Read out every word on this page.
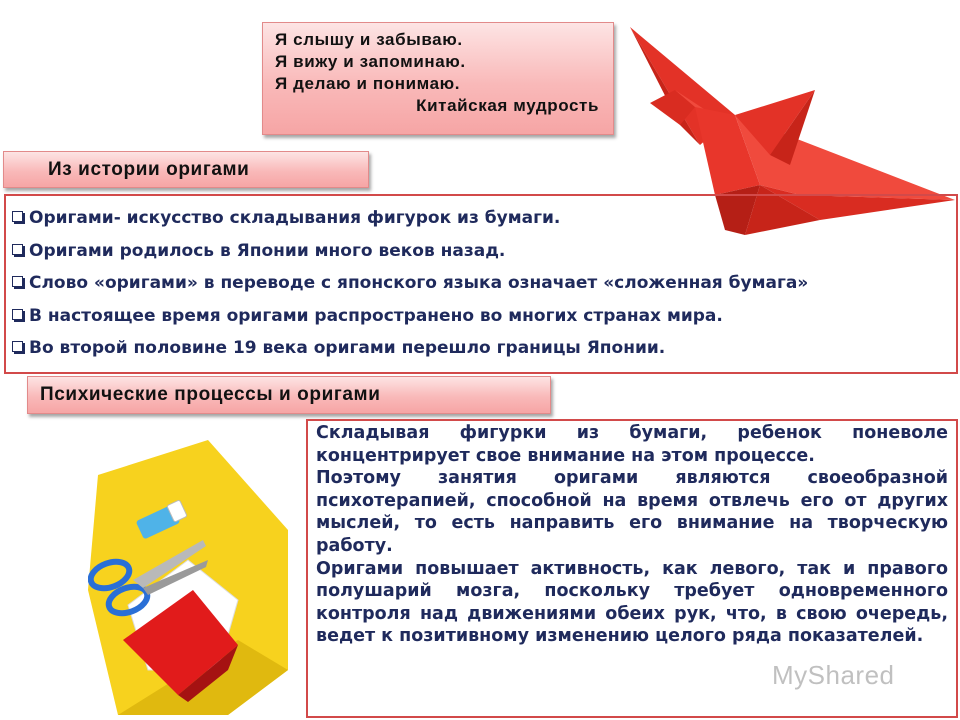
Я слышу и забываю.
Я вижу и запоминаю.
Я делаю и понимаю.
Китайская мудрость
Из истории оригами
Оригами- искусство складывания фигурок из бумаги.
Оригами родилось в Японии много веков назад.
Слово «оригами» в переводе с японского языка означает «сложенная бумага»
В настоящее время оригами распространено во многих странах мира.
Во второй половине 19 века оригами перешло границы Японии.
Психические процессы и оригами

Складывая фигурки из бумаги, ребенок поневоле концентрирует свое внимание на этом процессе.

Поэтому занятия оригами являются своеобразной психотерапией, способной на время отвлечь его от других мыслей, то есть направить его внимание на творческую работу.

Оригами повышает активность, как левого, так и правого полушарий мозга, поскольку требует одновременного контроля над движениями обеих рук, что, в свою очередь, ведет к позитивному изменению целого ряда показателей.

MyShared
